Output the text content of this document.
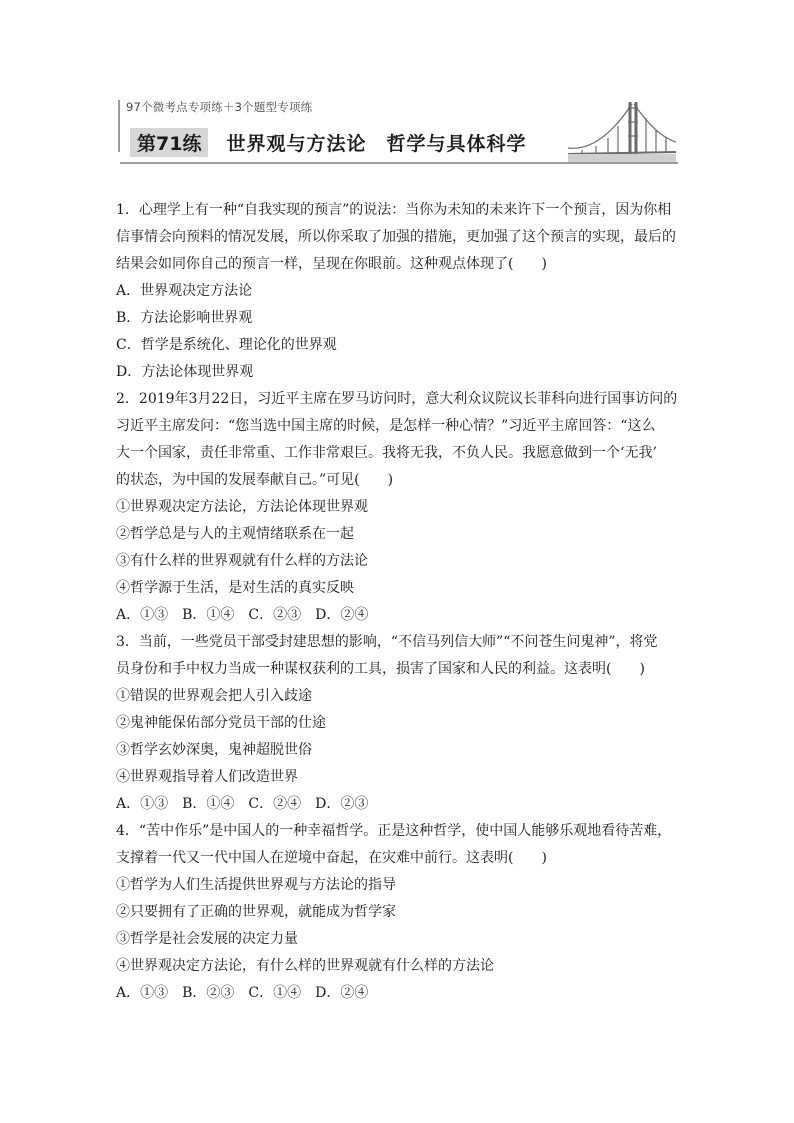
97个微考点专项练＋3个题型专项练
第71练	世界观与方法论　哲学与具体科学

1．心理学上有一种“自我实现的预言”的说法：当你为未知的未来许下一个预言，因为你相

信事情会向预料的情况发展，所以你采取了加强的措施，更加强了这个预言的实现，最后的

结果会如同你自己的预言一样，呈现在你眼前。这种观点体现了(　　)

A．世界观决定方法论

B．方法论影响世界观

C．哲学是系统化、理论化的世界观

D．方法论体现世界观

2．2019年3月22日，习近平主席在罗马访问时，意大利众议院议长菲科向进行国事访问的

习近平主席发问：“您当选中国主席的时候，是怎样一种心情？”习近平主席回答：“这么

大一个国家，责任非常重、工作非常艰巨。我将无我，不负人民。我愿意做到一个‘无我’

的状态，为中国的发展奉献自己。”可见(　　)

①世界观决定方法论，方法论体现世界观

②哲学总是与人的主观情绪联系在一起

③有什么样的世界观就有什么样的方法论

④哲学源于生活，是对生活的真实反映

A．①③　B．①④　C．②③　D．②④

3．当前，一些党员干部受封建思想的影响，“不信马列信大师”“不问苍生问鬼神”，将党

员身份和手中权力当成一种谋权获利的工具，损害了国家和人民的利益。这表明(　　)

①错误的世界观会把人引入歧途

②鬼神能保佑部分党员干部的仕途

③哲学玄妙深奥，鬼神超脱世俗

④世界观指导着人们改造世界

A．①③　B．①④　C．②④　D．②③

4．“苦中作乐”是中国人的一种幸福哲学。正是这种哲学，使中国人能够乐观地看待苦难，

支撑着一代又一代中国人在逆境中奋起，在灾难中前行。这表明(　　)

①哲学为人们生活提供世界观与方法论的指导

②只要拥有了正确的世界观，就能成为哲学家

③哲学是社会发展的决定力量

④世界观决定方法论，有什么样的世界观就有什么样的方法论

A．①③　B．②③　C．①④　D．②④
